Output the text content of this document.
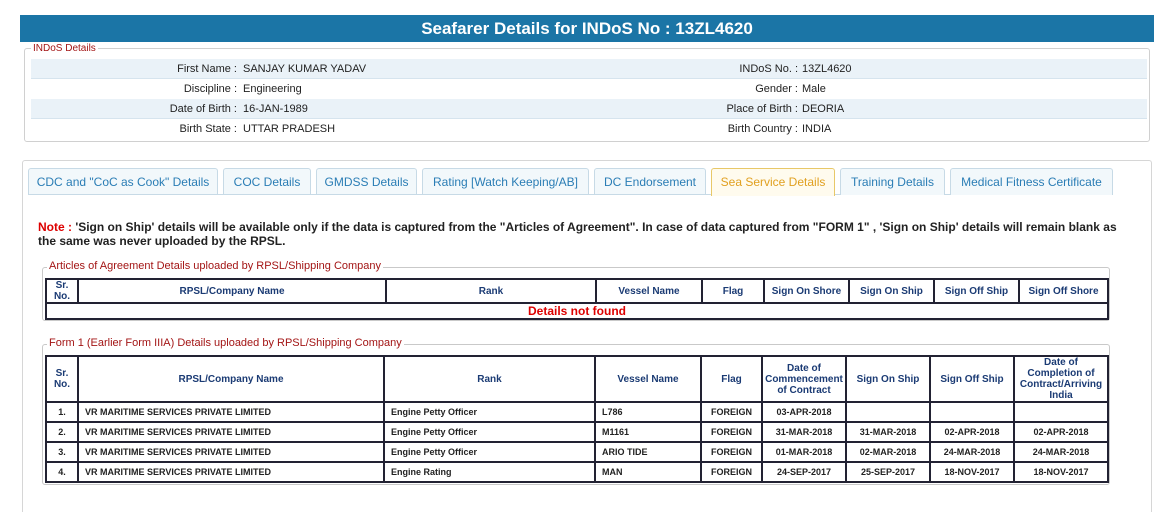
Seafarer Details for INDoS No : 13ZL4620
INDoS Details
First Name : SANJAY KUMAR YADAV	INDoS No. : 13ZL4620
Discipline : Engineering	Gender : Male
Date of Birth : 16-JAN-1989	Place of Birth : DEORIA
Birth State : UTTAR PRADESH	Birth Country : INDIA
CDC and "CoC as Cook" Details	COC Details	GMDSS Details	Rating [Watch Keeping/AB]	DC Endorsement	Sea Service Details	Training Details	Medical Fitness Certificate
Note : 'Sign on Ship' details will be available only if the data is captured from the "Articles of Agreement". In case of data captured from "FORM 1" , 'Sign on Ship' details will remain blank as the same was never uploaded by the RPSL.
Articles of Agreement Details uploaded by RPSL/Shipping Company
Sr. No.	RPSL/Company Name	Rank	Vessel Name	Flag	Sign On Shore	Sign On Ship	Sign Off Ship	Sign Off Shore
Details not found
Form 1 (Earlier Form IIIA) Details uploaded by RPSL/Shipping Company
Sr. No.	RPSL/Company Name	Rank	Vessel Name	Flag	Date of Commencement of Contract	Sign On Ship	Sign Off Ship	Date of Completion of Contract/Arriving India
1.	VR MARITIME SERVICES PRIVATE LIMITED	Engine Petty Officer	L786	FOREIGN	03-APR-2018			
2.	VR MARITIME SERVICES PRIVATE LIMITED	Engine Petty Officer	M1161	FOREIGN	31-MAR-2018	31-MAR-2018	02-APR-2018	02-APR-2018
3.	VR MARITIME SERVICES PRIVATE LIMITED	Engine Petty Officer	ARIO TIDE	FOREIGN	01-MAR-2018	02-MAR-2018	24-MAR-2018	24-MAR-2018
4.	VR MARITIME SERVICES PRIVATE LIMITED	Engine Rating	MAN	FOREIGN	24-SEP-2017	25-SEP-2017	18-NOV-2017	18-NOV-2017
